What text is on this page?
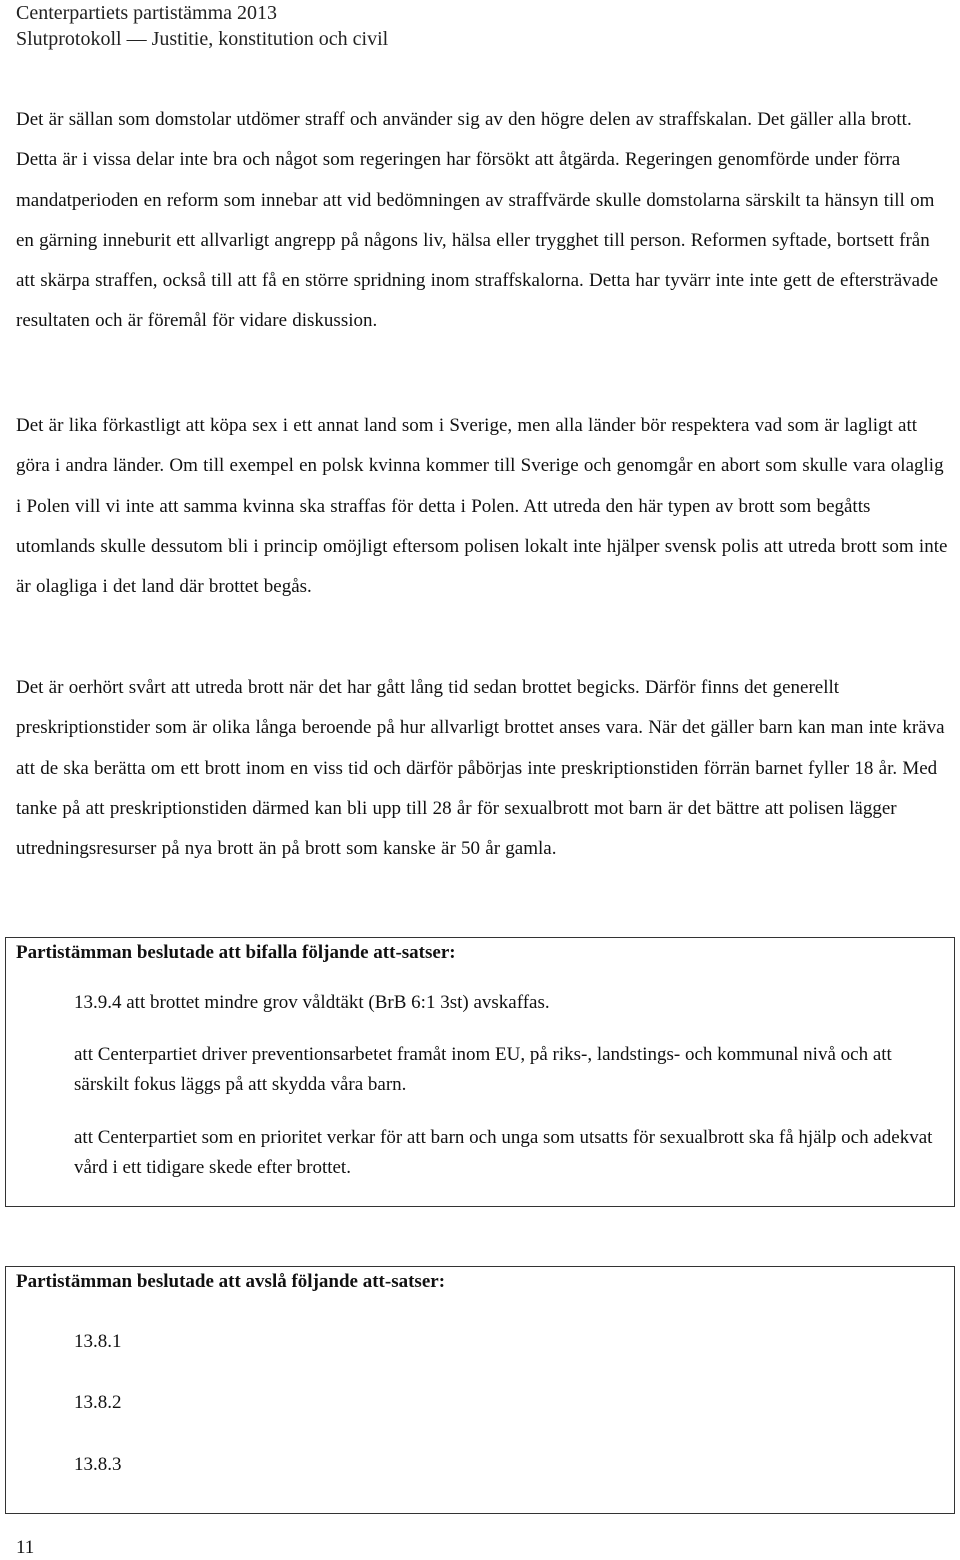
Centerpartiets partistämma 2013
Slutprotokoll — Justitie, konstitution och civil

Det är sällan som domstolar utdömer straff och använder sig av den högre delen av straffskalan. Det gäller alla brott. Detta är i vissa delar inte bra och något som regeringen har försökt att åtgärda. Regeringen genomförde under förra mandatperioden en reform som innebar att vid bedömningen av straffvärde skulle domstolarna särskilt ta hänsyn till om en gärning inneburit ett allvarligt angrepp på någons liv, hälsa eller trygghet till person. Reformen syftade, bortsett från att skärpa straffen, också till att få en större spridning inom straffskalorna. Detta har tyvärr inte inte gett de eftersträvade resultaten och är föremål för vidare diskussion.

Det är lika förkastligt att köpa sex i ett annat land som i Sverige, men alla länder bör respektera vad som är lagligt att göra i andra länder. Om till exempel en polsk kvinna kommer till Sverige och genomgår en abort som skulle vara olaglig i Polen vill vi inte att samma kvinna ska straffas för detta i Polen. Att utreda den här typen av brott som begåtts utomlands skulle dessutom bli i princip omöjligt eftersom polisen lokalt inte hjälper svensk polis att utreda brott som inte är olagliga i det land där brottet begås.

Det är oerhört svårt att utreda brott när det har gått lång tid sedan brottet begicks. Därför finns det generellt preskriptionstider som är olika långa beroende på hur allvarligt brottet anses vara. När det gäller barn kan man inte kräva att de ska berätta om ett brott inom en viss tid och därför påbörjas inte preskriptionstiden förrän barnet fyller 18 år. Med tanke på att preskriptionstiden därmed kan bli upp till 28 år för sexualbrott mot barn är det bättre att polisen lägger utredningsresurser på nya brott än på brott som kanske är 50 år gamla.

Partistämman beslutade att bifalla följande att-satser:
13.9.4 att brottet mindre grov våldtäkt (BrB 6:1 3st) avskaffas.
att Centerpartiet driver preventionsarbetet framåt inom EU, på riks-, landstings- och kommunal nivå och att särskilt fokus läggs på att skydda våra barn.
att Centerpartiet som en prioritet verkar för att barn och unga som utsatts för sexualbrott ska få hjälp och adekvat vård i ett tidigare skede efter brottet.
Partistämman beslutade att avslå följande att-satser:
13.8.1
13.8.2
13.8.3
11
